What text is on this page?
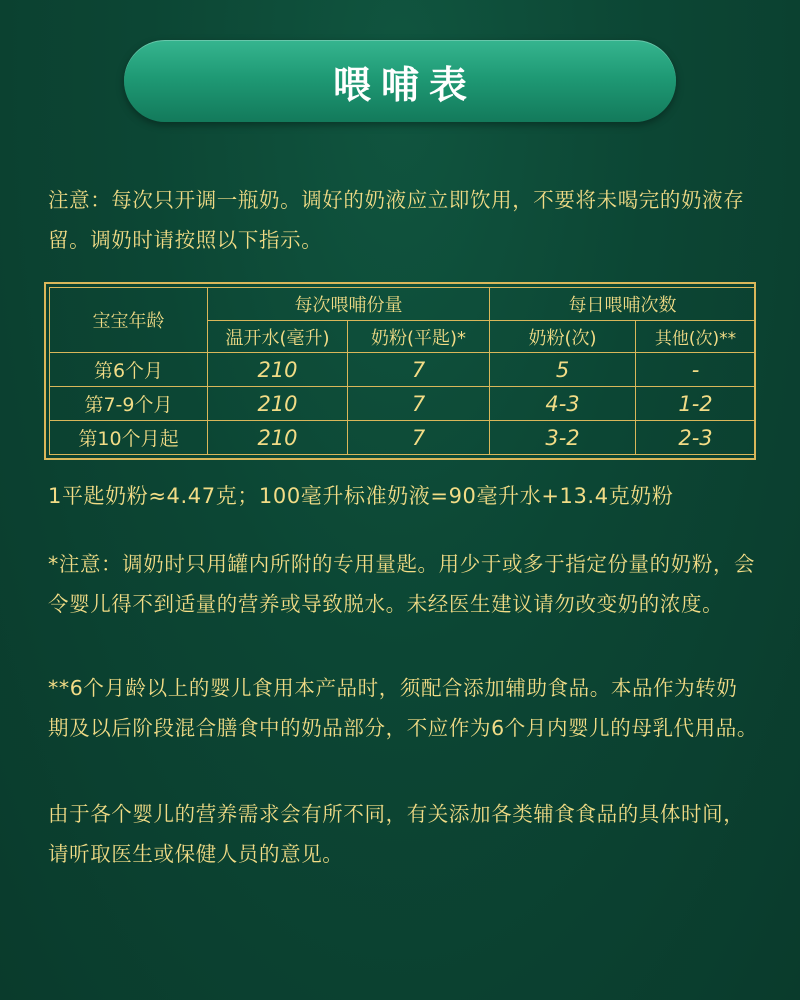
喂哺表
注意：每次只开调一瓶奶。调好的奶液应立即饮用，不要将未喝完的奶液存留。调奶时请按照以下指示。
宝宝年龄	每次喂哺份量		每日喂哺次数	
	温开水(毫升)	奶粉(平匙)*	奶粉(次)	其他(次)**
第6个月	210	7	5	-
第7-9个月	210	7	4-3	1-2
第10个月起	210	7	3-2	2-3
1平匙奶粉≈4.47克；100毫升标准奶液=90毫升水+13.4克奶粉
*注意：调奶时只用罐内所附的专用量匙。用少于或多于指定份量的奶粉，会令婴儿得不到适量的营养或导致脱水。未经医生建议请勿改变奶的浓度。
**6个月龄以上的婴儿食用本产品时，须配合添加辅助食品。本品作为转奶期及以后阶段混合膳食中的奶品部分，不应作为6个月内婴儿的母乳代用品。
由于各个婴儿的营养需求会有所不同，有关添加各类辅食食品的具体时间，请听取医生或保健人员的意见。
